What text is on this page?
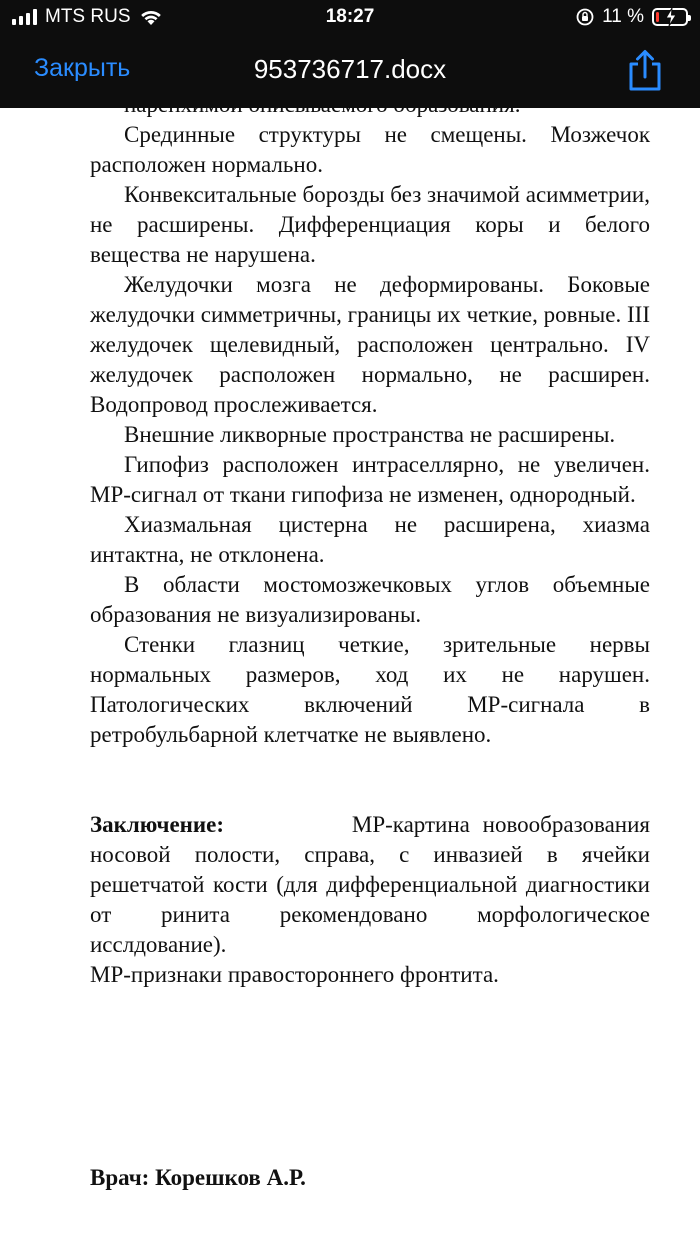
Срединные структуры не смещены. Мозжечок расположен нормально.

Конвекситальные борозды без значимой асимметрии, не расширены. Дифференциация коры и белого вещества не нарушена.

Желудочки мозга не деформированы. Боковые желудочки симметричны, границы их четкие, ровные. III желудочек щелевидный, расположен центрально. IV желудочек расположен нормально, не расширен. Водопровод прослеживается.

Внешние ликворные пространства не расширены.

Гипофиз расположен интраселлярно, не увеличен. МР-сигнал от ткани гипофиза не изменен, однородный.

Хиазмальная цистерна не расширена, хиазма интактна, не отклонена.

В области мостомозжечковых углов объемные образования не визуализированы.

Стенки глазниц четкие, зрительные нервы нормальных размеров, ход их не нарушен. Патологических включений МР-сигнала в ретробульбарной клетчатке не выявлено.

Заключение:	МР-картина новообразования носовой полости, справа, с инвазией в ячейки решетчатой кости (для дифференциальной диагностики от ринита рекомендовано морфологическое исслдование).

МР-признаки правостороннего фронтита.

Врач: Корешков А.Р.
MTS RUS	18:27	11 %
Закрыть	953736717.docx
